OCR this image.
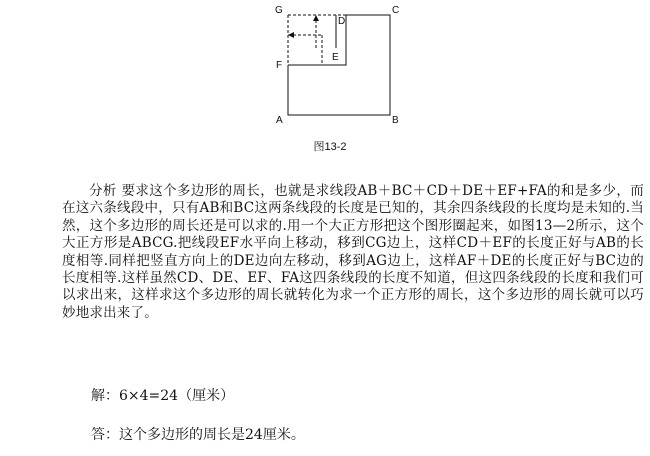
G
D
C
E
F
A	B
图13-2

分析 要求这个多边形的周长，也就是求线段AB＋BC＋CD＋DE＋EF+FA的和是多少，而在这六条线段中，只有AB和BC这两条线段的长度是已知的，其余四条线段的长度均是未知的.当然，这个多边形的周长还是可以求的.用一个大正方形把这个图形圈起来，如图13—2所示，这个大正方形是ABCG.把线段EF水平向上移动，移到CG边上，这样CD＋EF的长度正好与AB的长度相等.同样把竖直方向上的DE边向左移动，移到AG边上，这样AF＋DE的长度正好与BC边的长度相等.这样虽然CD、DE、EF、FA这四条线段的长度不知道，但这四条线段的长度和我们可以求出来，这样求这个多边形的周长就转化为求一个正方形的周长，这个多边形的周长就可以巧妙地求出来了。

解：6×4=24（厘米）

答：这个多边形的周长是24厘米。
